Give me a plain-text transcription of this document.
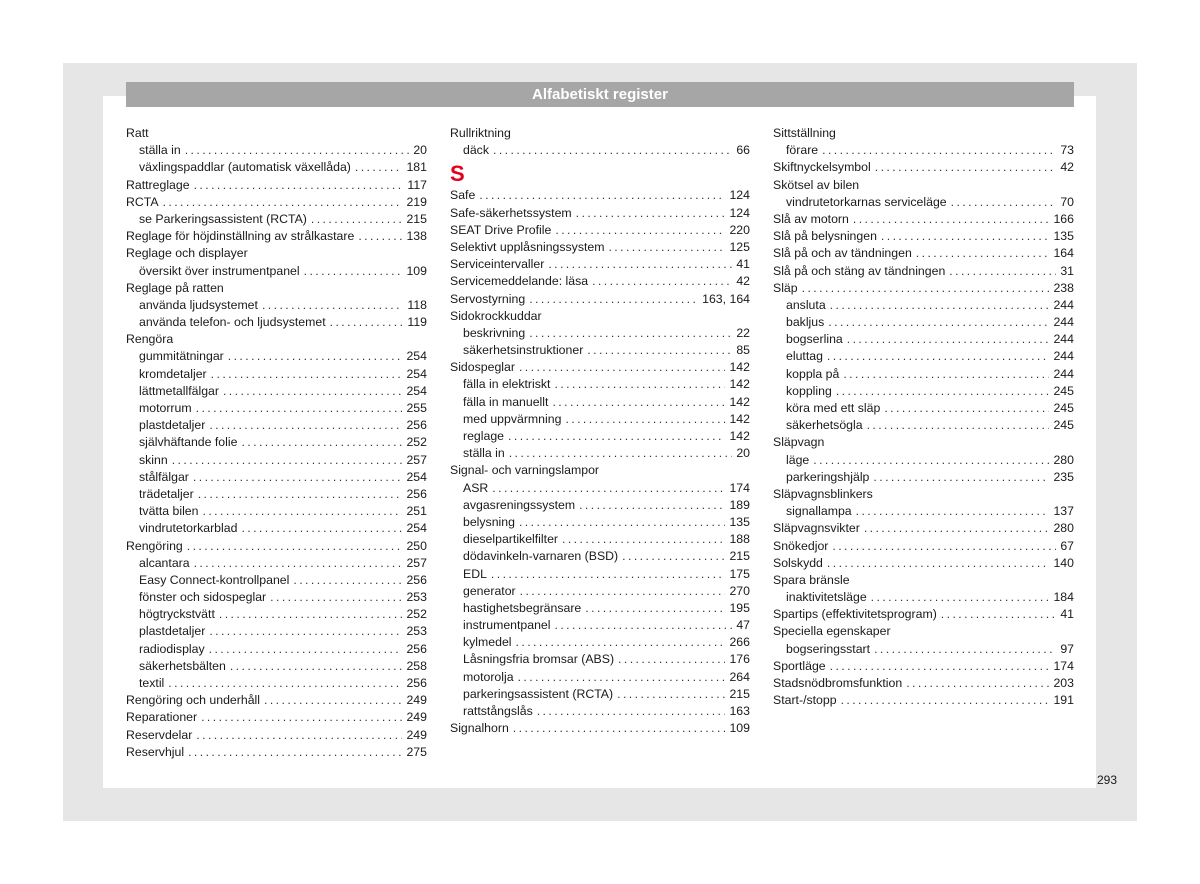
Alfabetiskt register
Ratt
ställa in . . .	20
växlingspaddlar (automatisk växellåda) . . .	181
Rattreglage . . .	117
RCTA . . .	219
se Parkeringsassistent (RCTA) . . .	215
Reglage för höjdinställning av strålkastare . . .	138
Reglage och displayer
översikt över instrumentpanel . . .	109
Reglage på ratten
använda ljudsystemet . . .	118
använda telefon- och ljudsystemet . . .	119
Rengöra
gummitätningar . . .	254
kromdetaljer . . .	254
lättmetallfälgar . . .	254
motorrum . . .	255
plastdetaljer . . .	256
självhäftande folie . . .	252
skinn . . .	257
stålfälgar . . .	254
trädetaljer . . .	256
tvätta bilen . . .	251
vindrutetorkarblad . . .	254
Rengöring . . .	250
alcantara . . .	257
Easy Connect-kontrollpanel . . .	256
fönster och sidospeglar . . .	253
högtryckstvätt . . .	252
plastdetaljer . . .	253
radiodisplay . . .	256
säkerhetsbälten . . .	258
textil . . .	256
Rengöring och underhåll . . .	249
Reparationer . . .	249
Reservdelar . . .	249
Reservhjul . . .	275
Rullriktning
däck . . .	66
S
Safe . . .	124
Safe-säkerhetssystem . . .	124
SEAT Drive Profile . . .	220
Selektivt upplåsningssystem . . .	125
Serviceintervaller . . .	41
Servicemeddelande: läsa . . .	42
Servostyrning . . .	163, 164
Sidokrockkuddar
beskrivning . . .	22
säkerhetsinstruktioner . . .	85
Sidospeglar . . .	142
fälla in elektriskt . . .	142
fälla in manuellt . . .	142
med uppvärmning . . .	142
reglage . . .	142
ställa in . . .	20
Signal- och varningslampor
ASR . . .	174
avgasreningssystem . . .	189
belysning . . .	135
dieselpartikelfilter . . .	188
dödavinkeln-varnaren (BSD) . . .	215
EDL . . .	175
generator . . .	270
hastighetsbegränsare . . .	195
instrumentpanel . . .	47
kylmedel . . .	266
Låsningsfria bromsar (ABS) . . .	176
motorolja . . .	264
parkeringsassistent (RCTA) . . .	215
rattstångslås . . .	163
Signalhorn . . .	109
Sittställning
förare . . .	73
Skiftnyckelsymbol . . .	42
Skötsel av bilen
vindrutetorkarnas serviceläge . . .	70
Slå av motorn . . .	166
Slå på belysningen . . .	135
Slå på och av tändningen . . .	164
Slå på och stäng av tändningen . . .	31
Släp . . .	238
ansluta . . .	244
bakljus . . .	244
bogserlina . . .	244
eluttag . . .	244
koppla på . . .	244
koppling . . .	245
köra med ett släp . . .	245
säkerhetsögla . . .	245
Släpvagn
läge . . .	280
parkeringshjälp . . .	235
Släpvagnsblinkers
signallampa . . .	137
Släpvagnsvikter . . .	280
Snökedjor . . .	67
Solskydd . . .	140
Spara bränsle
inaktivitetsläge . . .	184
Spartips (effektivitetsprogram) . . .	41
Speciella egenskaper
bogseringsstart . . .	97
Sportläge . . .	174
Stadsnödbromsfunktion . . .	203
Start-/stopp . . .	191
293
